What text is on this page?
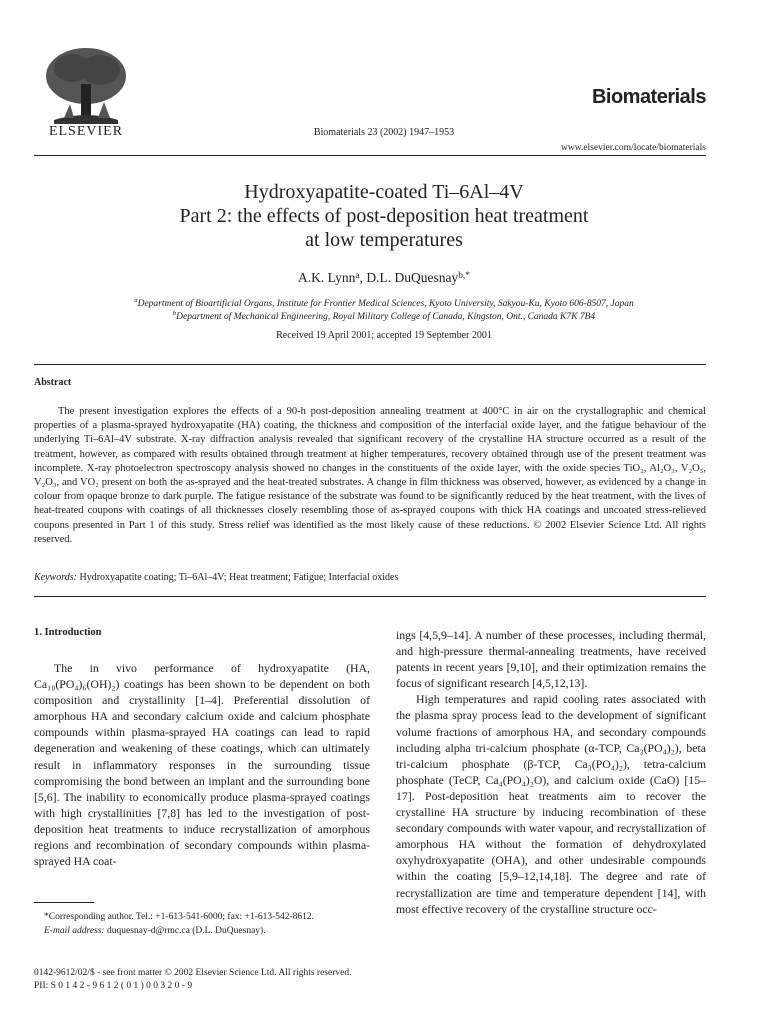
ELSEVIER	Biomaterials 23 (2002) 1947–1953
Biomaterials
www.elsevier.com/locate/biomaterials
Hydroxyapatite-coated Ti–6Al–4V
Part 2: the effects of post-deposition heat treatment
at low temperatures
A.K. Lynn$^a$, D.L. DuQuesnay$^{b,*}$
$^a$Department of Bioartificial Organs, Institute for Frontier Medical Sciences, Kyoto University, Sakyou-Ku, Kyoto 606-8507, Japan
$^b$Department of Mechanical Engineering, Royal Military College of Canada, Kingston, Ont., Canada K7K 7B4
Received 19 April 2001; accepted 19 September 2001
Abstract
The present investigation explores the effects of a 90-h post-deposition annealing treatment at 400°C in air on the crystallographic and chemical properties of a plasma-sprayed hydroxyapatite (HA) coating, the thickness and composition of the interfacial oxide layer, and the fatigue behaviour of the underlying Ti–6Al–4V substrate. X-ray diffraction analysis revealed that significant recovery of the crystalline HA structure occurred as a result of the treatment, however, as compared with results obtained through treatment at higher temperatures, recovery obtained through use of the present treatment was incomplete. X-ray photoelectron spectroscopy analysis showed no changes in the constituents of the oxide layer, with the oxide species TiO₂, Al₂O₃, V₂O₅, V₂O₃, and VO₂ present on both the as-sprayed and the heat-treated substrates. A change in film thickness was observed, however, as evidenced by a change in colour from opaque bronze to dark purple. The fatigue resistance of the substrate was found to be significantly reduced by the heat treatment, with the lives of heat-treated coupons with coatings of all thicknesses closely resembling those of as-sprayed coupons with thick HA coatings and uncoated stress-relieved coupons presented in Part 1 of this study. Stress relief was identified as the most likely cause of these reductions. © 2002 Elsevier Science Ltd. All rights reserved.
Keywords: Hydroxyapatite coating; Ti–6Al–4V; Heat treatment; Fatigue; Interfacial oxides
1. Introduction

The in vivo performance of hydroxyapatite (HA, Ca₁₀(PO₄)₆(OH)₂) coatings has been shown to be dependent on both composition and crystallinity [1–4]. Preferential dissolution of amorphous HA and secondary calcium oxide and calcium phosphate compounds within plasma-sprayed HA coatings can lead to rapid degeneration and weakening of these coatings, which can ultimately result in inflammatory responses in the surrounding tissue compromising the bond between an implant and the surrounding bone [5,6]. The inability to economically produce plasma-sprayed coatings with high crystallinities [7,8] has led to the investigation of post-deposition heat treatments to induce recrystallization of amorphous regions and recombination of secondary compounds within plasma-sprayed HA coat-

ings [4,5,9–14]. A number of these processes, including thermal, and high-pressure thermal-annealing treatments, have received patents in recent years [9,10], and their optimization remains the focus of significant research [4,5,12,13].

High temperatures and rapid cooling rates associated with the plasma spray process lead to the development of significant volume fractions of amorphous HA, and secondary compounds including alpha tri-calcium phosphate (α-TCP, Ca₃(PO₄)₂), beta tri-calcium phosphate (β-TCP, Ca₃(PO₄)₂), tetra-calcium phosphate (TeCP, Ca₄(PO₄)₂O), and calcium oxide (CaO) [15–17]. Post-deposition heat treatments aim to recover the crystalline HA structure by inducing recombination of these secondary compounds with water vapour, and recrystallization of amorphous HA without the formation of dehydroxylated oxyhydroxyapatite (OHA), and other undesirable compounds within the coating [5,9–12,14,18]. The degree and rate of recrystallization are time and temperature dependent [14], with most effective recovery of the crystalline structure occ-

*Corresponding author. Tel.: +1-613-541-6000; fax: +1-613-542-8612.
E-mail address: duquesnay-d@rmc.ca (D.L. DuQuesnay).
0142-9612/02/$ - see front matter © 2002 Elsevier Science Ltd. All rights reserved.
PII: S 0 1 4 2 - 9 6 1 2 ( 0 1 ) 0 0 3 2 0 - 9
